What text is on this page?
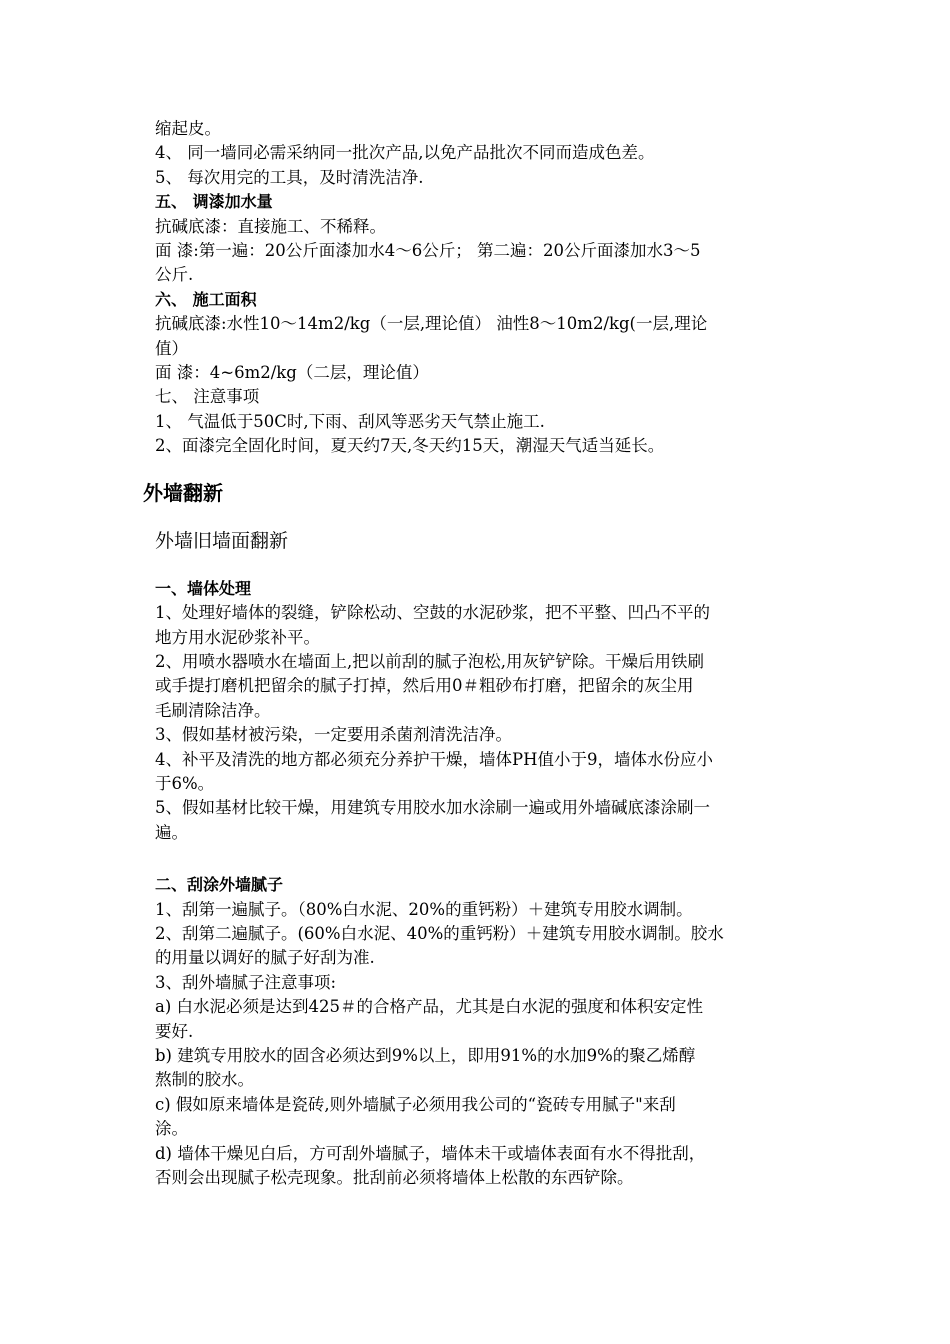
缩起皮。

4、 同一墙同必需采纳同一批次产品,以免产品批次不同而造成色差。

5、 每次用完的工具，及时清洗洁净.

五、 调漆加水量

抗碱底漆：直接施工、不稀释。

面 漆:第一遍：20公斤面漆加水4～6公斤； 第二遍：20公斤面漆加水3～5

公斤.

六、 施工面积

抗碱底漆:水性10～14m2/kg（一层,理论值） 油性8～10m2/kg(一层,理论

值）

面 漆：4~6m2/kg（二层，理论值）

七、 注意事项

1、 气温低于50C时,下雨、刮风等恶劣天气禁止施工.

2、面漆完全固化时间，夏天约7天,冬天约15天，潮湿天气适当延长。

外墙翻新

外墙旧墙面翻新

一、墙体处理

1、处理好墙体的裂缝，铲除松动、空鼓的水泥砂浆，把不平整、凹凸不平的

地方用水泥砂浆补平。

2、用喷水器喷水在墙面上,把以前刮的腻子泡松,用灰铲铲除。干燥后用铁刷

或手提打磨机把留余的腻子打掉，然后用0＃粗砂布打磨，把留余的灰尘用

毛刷清除洁净。

3、假如基材被污染，一定要用杀菌剂清洗洁净。

4、补平及清洗的地方都必须充分养护干燥，墙体PH值小于9，墙体水份应小

于6%。

5、假如基材比较干燥，用建筑专用胶水加水涂刷一遍或用外墙碱底漆涂刷一

遍。

二、刮涂外墙腻子

1、刮第一遍腻子。（80%白水泥、20%的重钙粉）＋建筑专用胶水调制。

2、刮第二遍腻子。(60%白水泥、40%的重钙粉）＋建筑专用胶水调制。胶水

的用量以调好的腻子好刮为准.

3、刮外墙腻子注意事项:

a) 白水泥必须是达到425＃的合格产品，尤其是白水泥的强度和体积安定性

要好.

b) 建筑专用胶水的固含必须达到9%以上，即用91%的水加9%的聚乙烯醇

熬制的胶水。

c) 假如原来墙体是瓷砖,则外墙腻子必须用我公司的“瓷砖专用腻子"来刮

涂。

d) 墙体干燥见白后，方可刮外墙腻子，墙体未干或墙体表面有水不得批刮，

否则会出现腻子松壳现象。批刮前必须将墙体上松散的东西铲除。
